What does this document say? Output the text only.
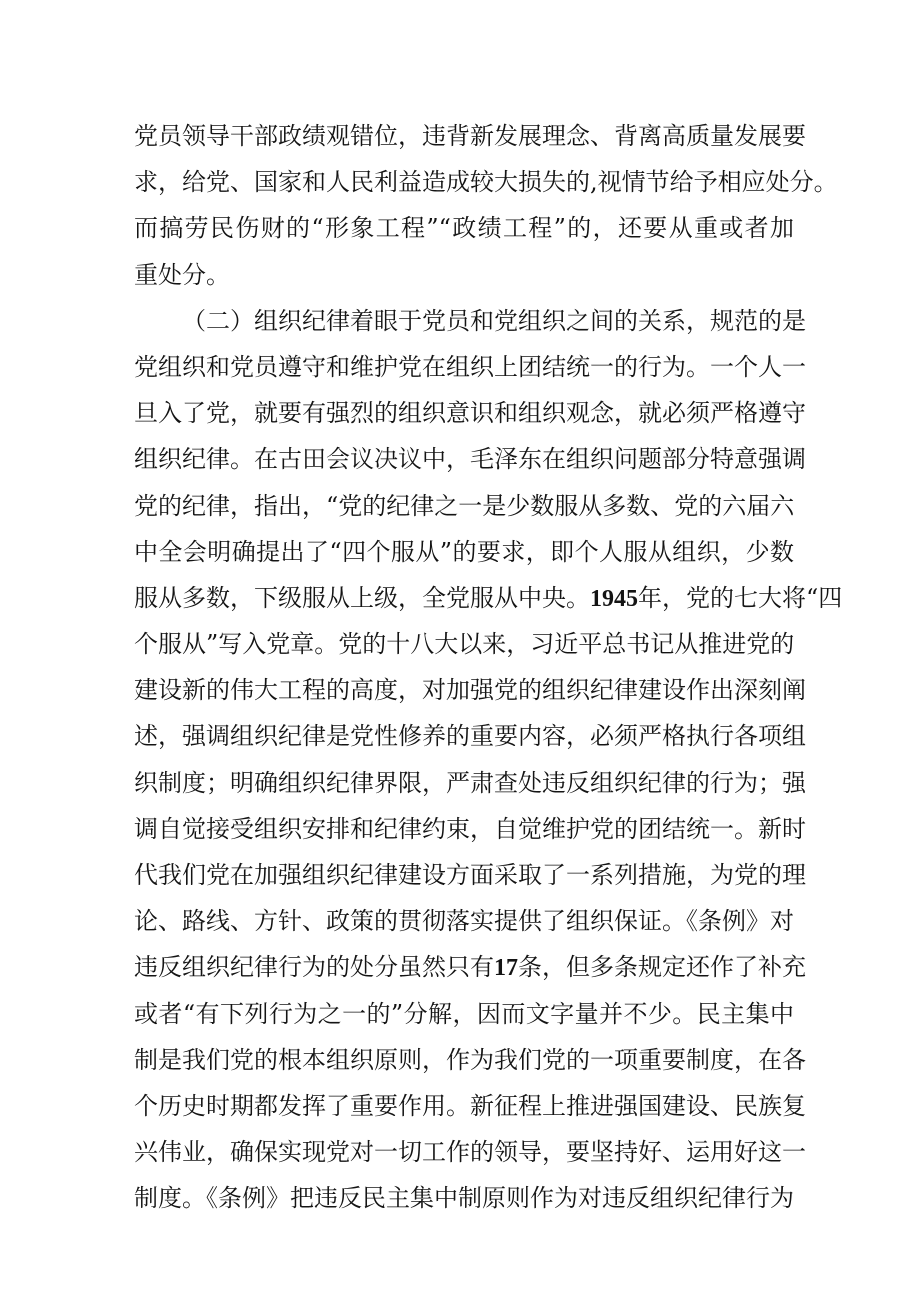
党员领导干部政绩观错位，违背新发展理念、背离高质量发展要
求，给党、国家和人民利益造成较大损失的,视情节给予相应处分。
而搞劳民伤财的“形象工程”“政绩工程”的，还要从重或者加
重处分。
（二）组织纪律着眼于党员和党组织之间的关系，规范的是
党组织和党员遵守和维护党在组织上团结统一的行为。一个人一
旦入了党，就要有强烈的组织意识和组织观念，就必须严格遵守
组织纪律。在古田会议决议中，毛泽东在组织问题部分特意强调
党的纪律，指出，“党的纪律之一是少数服从多数、党的六届六
中全会明确提出了“四个服从”的要求，即个人服从组织，少数
服从多数，下级服从上级，全党服从中央。1945年，党的七大将“四
个服从”写入党章。党的十八大以来，习近平总书记从推进党的
建设新的伟大工程的高度，对加强党的组织纪律建设作出深刻阐
述，强调组织纪律是党性修养的重要内容，必须严格执行各项组
织制度；明确组织纪律界限，严肃查处违反组织纪律的行为；强
调自觉接受组织安排和纪律约束，自觉维护党的团结统一。新时
代我们党在加强组织纪律建设方面采取了一系列措施，为党的理
论、路线、方针、政策的贯彻落实提供了组织保证。《条例》对
违反组织纪律行为的处分虽然只有17条，但多条规定还作了补充
或者“有下列行为之一的”分解，因而文字量并不少。民主集中
制是我们党的根本组织原则，作为我们党的一项重要制度，在各
个历史时期都发挥了重要作用。新征程上推进强国建设、民族复
兴伟业，确保实现党对一切工作的领导，要坚持好、运用好这一
制度。《条例》把违反民主集中制原则作为对违反组织纪律行为
